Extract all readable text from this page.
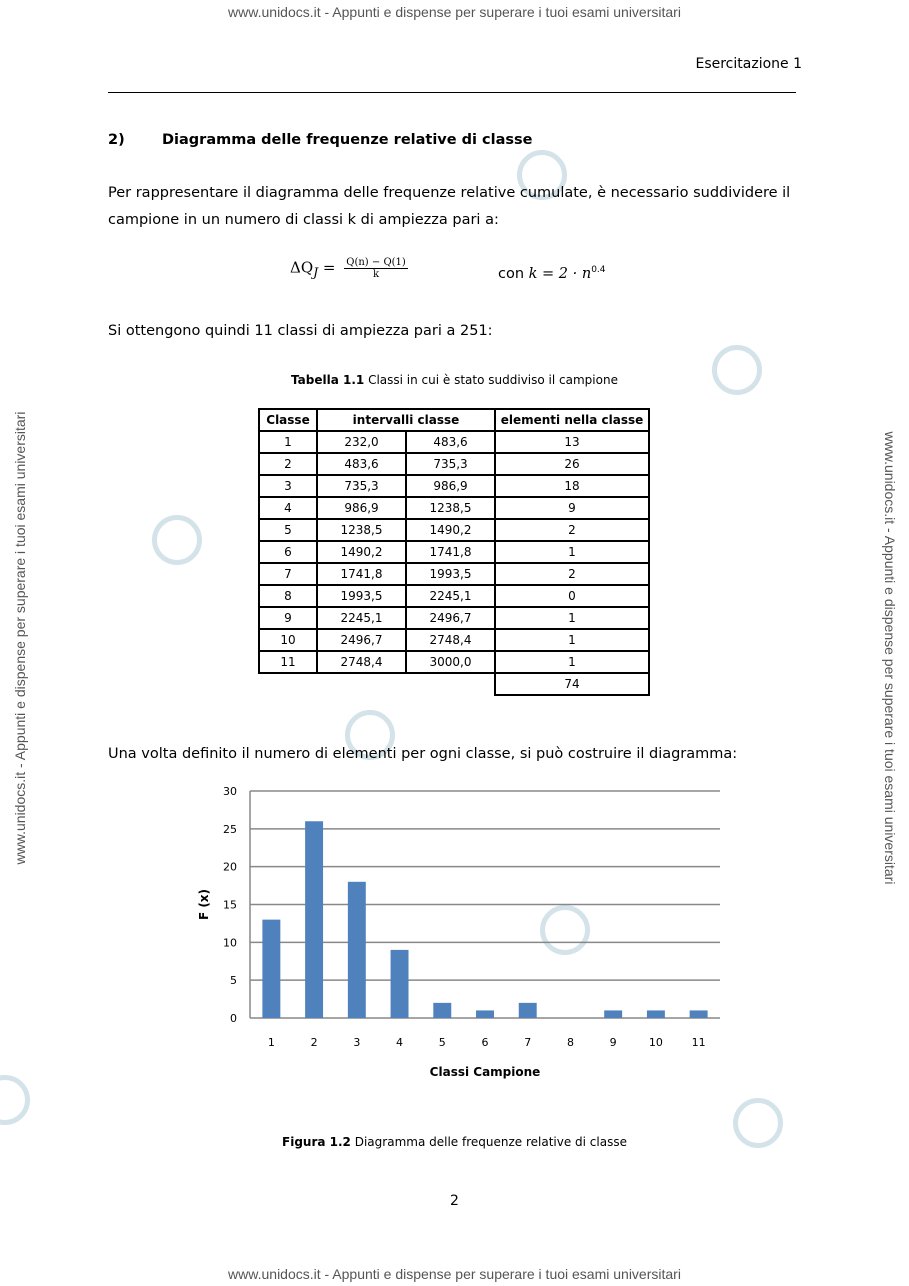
www.unidocs.it - Appunti e dispense per superare i tuoi esami universitari
www.unidocs.it - Appunti e dispense per superare i tuoi esami universitari
www.unidocs.it - Appunti e dispense per superare i tuoi esami universitari	www.unidocs.it - Appunti e dispense per superare i tuoi esami universitari
Esercitazione 1
2)	Diagramma delle frequenze relative di classe
Per rappresentare il diagramma delle frequenze relative cumulate, è necessario suddividere il campione in un numero di classi k di ampiezza pari a:
$\Delta Q_J = \frac{Q(n) - Q(1)}{k}$	con $k = 2 \cdot n^{0.4}$
Si ottengono quindi 11 classi di ampiezza pari a 251:
Tabella 1.1 Classi in cui è stato suddiviso il campione
Classe	intervalli classe		elementi nella classe
1	232,0	483,6	13
2	483,6	735,3	26
3	735,3	986,9	18
4	986,9	1238,5	9
5	1238,5	1490,2	2
6	1490,2	1741,8	1
7	1741,8	1993,5	2
8	1993,5	2245,1	0
9	2245,1	2496,7	1
10	2496,7	2748,4	1
11	2748,4	3000,0	1
			74
Una volta definito il numero di elementi per ogni classe, si può costruire il diagramma:
0
5
10
15
20
25
30
1	2	3	4	5	6	7	8	9	10	11
Classi Campione
F (x)
Figura 1.2 Diagramma delle frequenze relative di classe
2
